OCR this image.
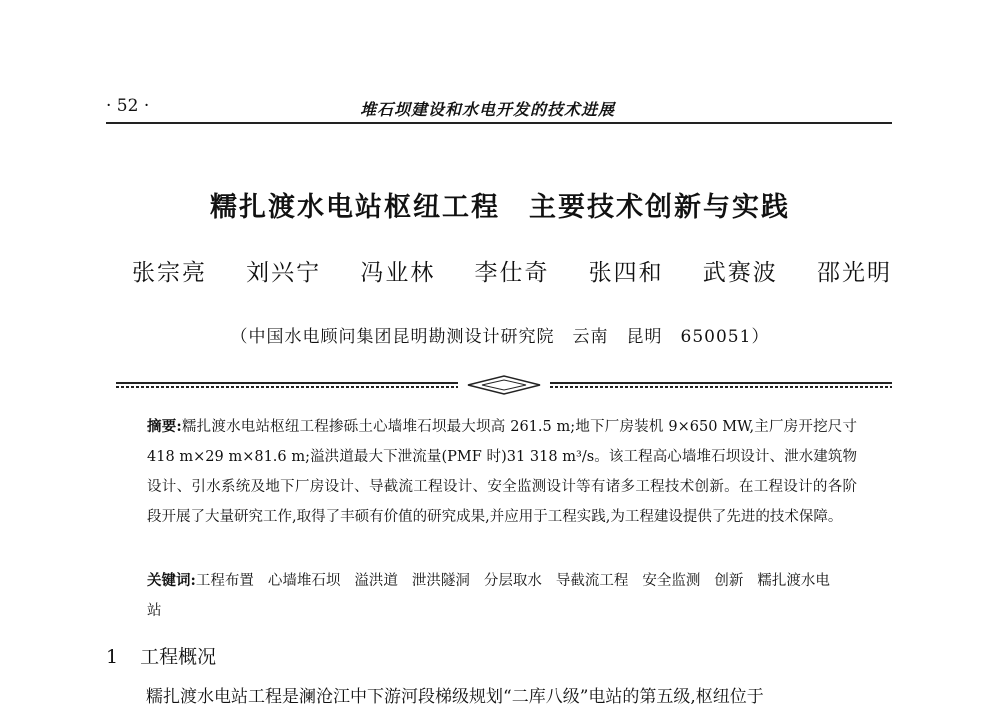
· 52 ·	堆石坝建设和水电开发的技术进展
糯扎渡水电站枢纽工程　主要技术创新与实践
张宗亮 刘兴宁 冯业林 李仕奇 张四和 武赛波 邵光明
（中国水电顾问集团昆明勘测设计研究院　云南　昆明　650051）
摘要:糯扎渡水电站枢纽工程掺砾土心墙堆石坝最大坝高 261.5 m;地下厂房装机 9×650 MW,主厂房开挖尺寸 418 m×29 m×81.6 m;溢洪道最大下泄流量(PMF 时)31 318 m³/s。该工程高心墙堆石坝设计、泄水建筑物设计、引水系统及地下厂房设计、导截流工程设计、安全监测设计等有诸多工程技术创新。在工程设计的各阶段开展了大量研究工作,取得了丰硕有价值的研究成果,并应用于工程实践,为工程建设提供了先进的技术保障。
关键词:工程布置 心墙堆石坝 溢洪道 泄洪隧洞 分层取水 导截流工程 安全监测 创新 糯扎渡水电站
1 工程概况
糯扎渡水电站工程是澜沧江中下游河段梯级规划“二库八级”电站的第五级,枢纽位于
